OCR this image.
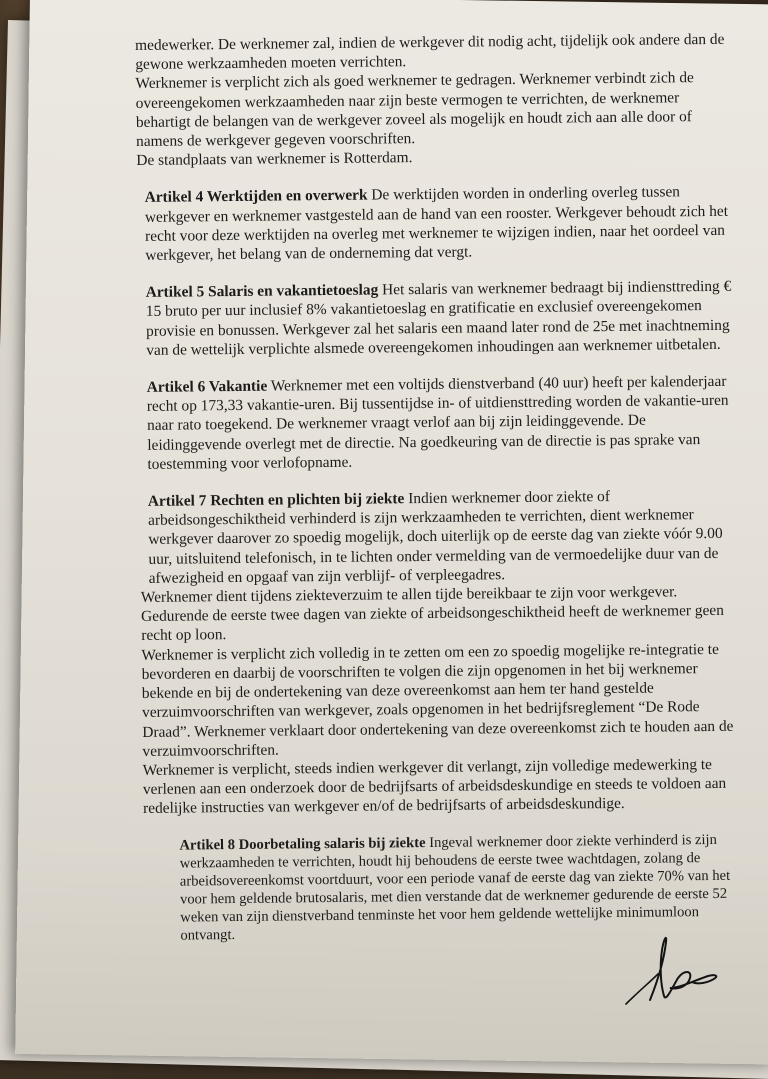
medewerker. De werknemer zal, indien de werkgever dit nodig acht, tijdelijk ook andere dan de gewone werkzaamheden moeten verrichten.

Werknemer is verplicht zich als goed werknemer te gedragen. Werknemer verbindt zich de overeengekomen werkzaamheden naar zijn beste vermogen te verrichten, de werknemer behartigt de belangen van de werkgever zoveel als mogelijk en houdt zich aan alle door of namens de werkgever gegeven voorschriften.

De standplaats van werknemer is Rotterdam.

Artikel 4 Werktijden en overwerk De werktijden worden in onderling overleg tussen werkgever en werknemer vastgesteld aan de hand van een rooster. Werkgever behoudt zich het recht voor deze werktijden na overleg met werknemer te wijzigen indien, naar het oordeel van werkgever, het belang van de onderneming dat vergt.

Artikel 5 Salaris en vakantietoeslag Het salaris van werknemer bedraagt bij indiensttreding € 15 bruto per uur inclusief 8% vakantietoeslag en gratificatie en exclusief overeengekomen provisie en bonussen. Werkgever zal het salaris een maand later rond de 25e met inachtneming van de wettelijk verplichte alsmede overeengekomen inhoudingen aan werknemer uitbetalen.

Artikel 6 Vakantie Werknemer met een voltijds dienstverband (40 uur) heeft per kalenderjaar recht op 173,33 vakantie-uren. Bij tussentijdse in- of uitdiensttreding worden de vakantie-uren naar rato toegekend. De werknemer vraagt verlof aan bij zijn leidinggevende. De leidinggevende overlegt met de directie. Na goedkeuring van de directie is pas sprake van toestemming voor verlofopname.

Artikel 7 Rechten en plichten bij ziekte Indien werknemer door ziekte of arbeidsongeschiktheid verhinderd is zijn werkzaamheden te verrichten, dient werknemer werkgever daarover zo spoedig mogelijk, doch uiterlijk op de eerste dag van ziekte vóór 9.00 uur, uitsluitend telefonisch, in te lichten onder vermelding van de vermoedelijke duur van de afwezigheid en opgaaf van zijn verblijf- of verpleegadres.

Werknemer dient tijdens ziekteverzuim te allen tijde bereikbaar te zijn voor werkgever. Gedurende de eerste twee dagen van ziekte of arbeidsongeschiktheid heeft de werknemer geen recht op loon.

Werknemer is verplicht zich volledig in te zetten om een zo spoedig mogelijke re-integratie te bevorderen en daarbij de voorschriften te volgen die zijn opgenomen in het bij werknemer bekende en bij de ondertekening van deze overeenkomst aan hem ter hand gestelde verzuimvoorschriften van werkgever, zoals opgenomen in het bedrijfsreglement “De Rode Draad”. Werknemer verklaart door ondertekening van deze overeenkomst zich te houden aan de verzuimvoorschriften.

Werknemer is verplicht, steeds indien werkgever dit verlangt, zijn volledige medewerking te verlenen aan een onderzoek door de bedrijfsarts of arbeidsdeskundige en steeds te voldoen aan redelijke instructies van werkgever en/of de bedrijfsarts of arbeidsdeskundige.

Artikel 8 Doorbetaling salaris bij ziekte Ingeval werknemer door ziekte verhinderd is zijn werkzaamheden te verrichten, houdt hij behoudens de eerste twee wachtdagen, zolang de arbeidsovereenkomst voortduurt, voor een periode vanaf de eerste dag van ziekte 70% van het voor hem geldende brutosalaris, met dien verstande dat de werknemer gedurende de eerste 52 weken van zijn dienstverband tenminste het voor hem geldende wettelijke minimumloon ontvangt.
